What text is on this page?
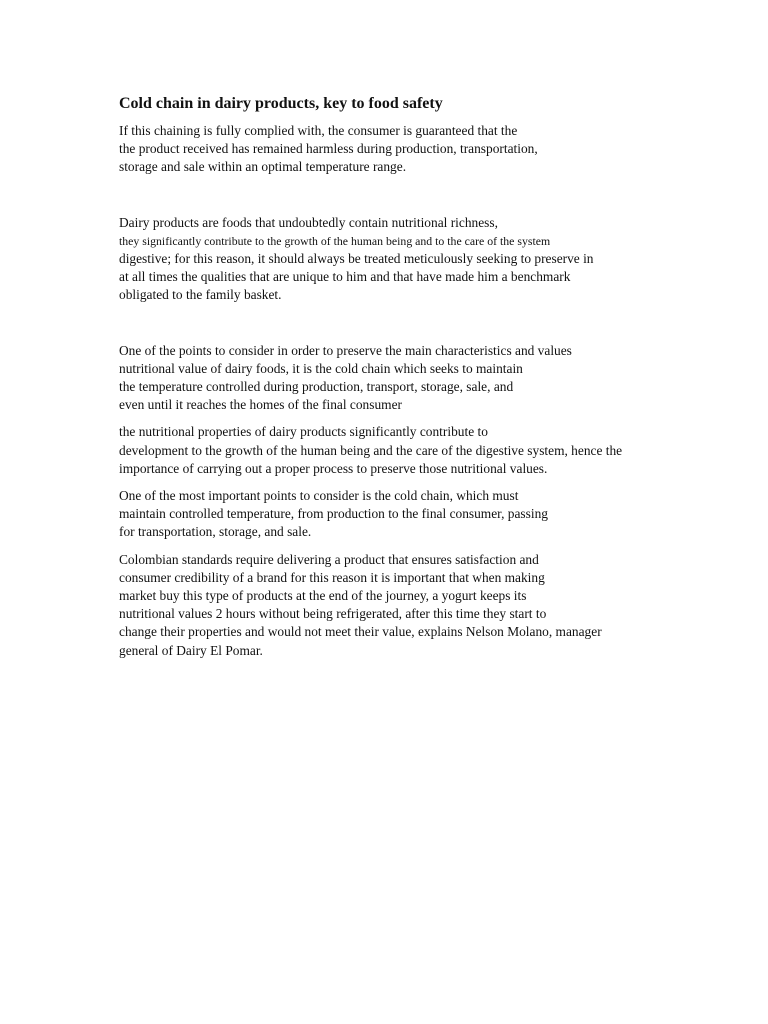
Cold chain in dairy products, key to food safety
If this chaining is fully complied with, the consumer is guaranteed that the
the product received has remained harmless during production, transportation,
storage and sale within an optimal temperature range.
Dairy products are foods that undoubtedly contain nutritional richness,
they significantly contribute to the growth of the human being and to the care of the system
digestive; for this reason, it should always be treated meticulously seeking to preserve in
at all times the qualities that are unique to him and that have made him a benchmark
obligated to the family basket.
One of the points to consider in order to preserve the main characteristics and values
nutritional value of dairy foods, it is the cold chain which seeks to maintain
the temperature controlled during production, transport, storage, sale, and
even until it reaches the homes of the final consumer
the nutritional properties of dairy products significantly contribute to
development to the growth of the human being and the care of the digestive system, hence the
importance of carrying out a proper process to preserve those nutritional values.
One of the most important points to consider is the cold chain, which must
maintain controlled temperature, from production to the final consumer, passing
for transportation, storage, and sale.
Colombian standards require delivering a product that ensures satisfaction and
consumer credibility of a brand for this reason it is important that when making
market buy this type of products at the end of the journey, a yogurt keeps its
nutritional values 2 hours without being refrigerated, after this time they start to
change their properties and would not meet their value, explains Nelson Molano, manager
general of Dairy El Pomar.
